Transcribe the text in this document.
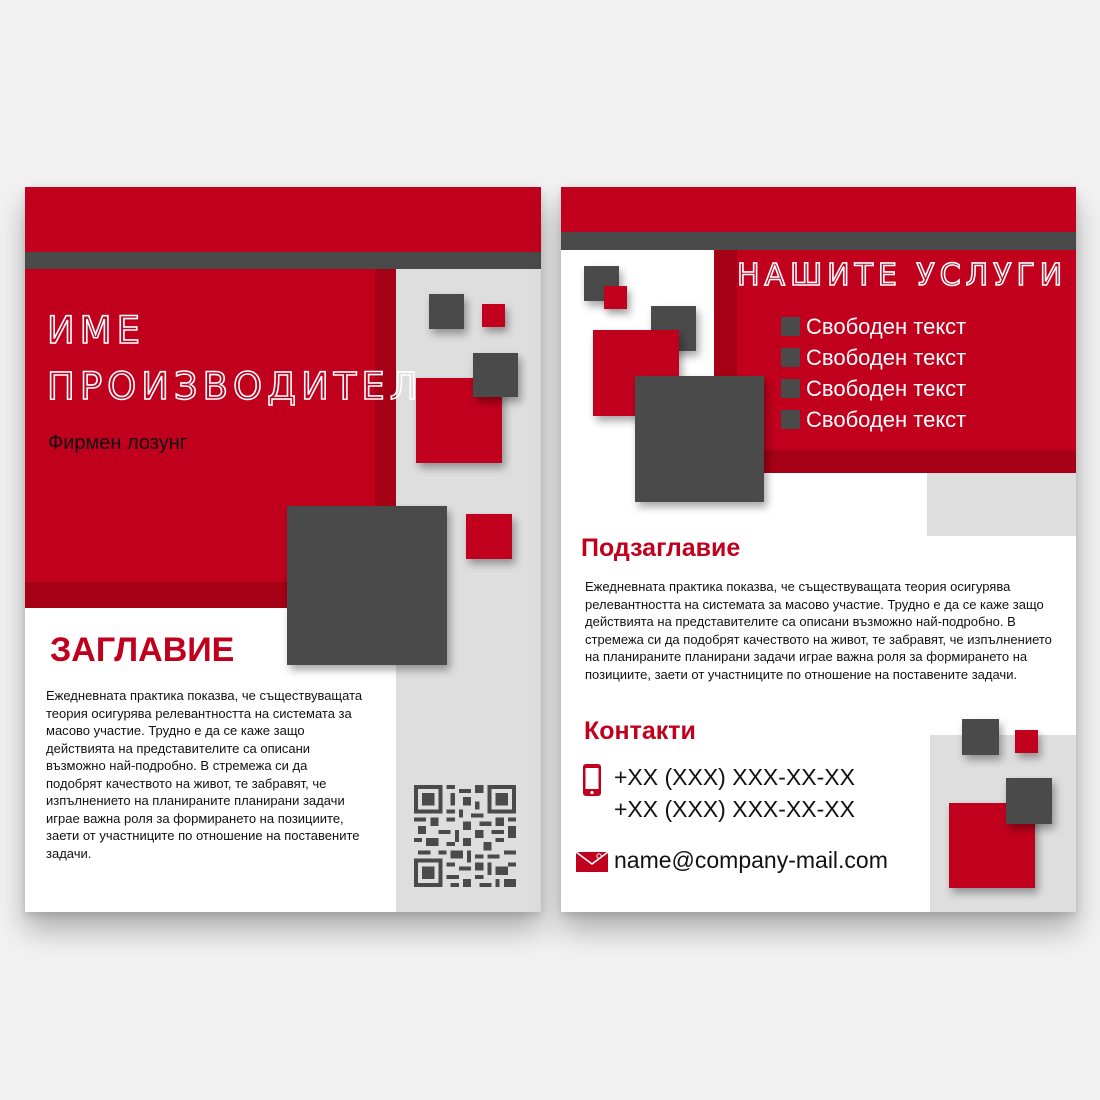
ИМЕ
ПРОИЗВОДИТЕЛ
Фирмен лозунг
ЗАГЛАВИЕ

Ежедневната практика показва, че съществуващата теория осигурява релевантността на системата за масово участие. Трудно е да се каже защо действията на представителите са описани възможно най-подробно. В стремежа си да подобрят качеството на живот, те забравят, че изпълнението на планираните планирани задачи играе важна роля за формирането на позициите, заети от участниците по отношение на поставените задачи.

НАШИТЕ УСЛУГИ
Свободен текст
Свободен текст
Свободен текст
Свободен текст
Подзаглавие

Ежедневната практика показва, че съществуващата теория осигурява релевантността на системата за масово участие. Трудно е да се каже защо действията на представителите са описани възможно най-подробно. В стремежа си да подобрят качеството на живот, те забравят, че изпълнението на планираните планирани задачи играе важна роля за формирането на позициите, заети от участниците по отношение на поставените задачи.

Контакти
+XX (XXX) XXX-XX-XX
+XX (XXX) XXX-XX-XX
name@company-mail.com
